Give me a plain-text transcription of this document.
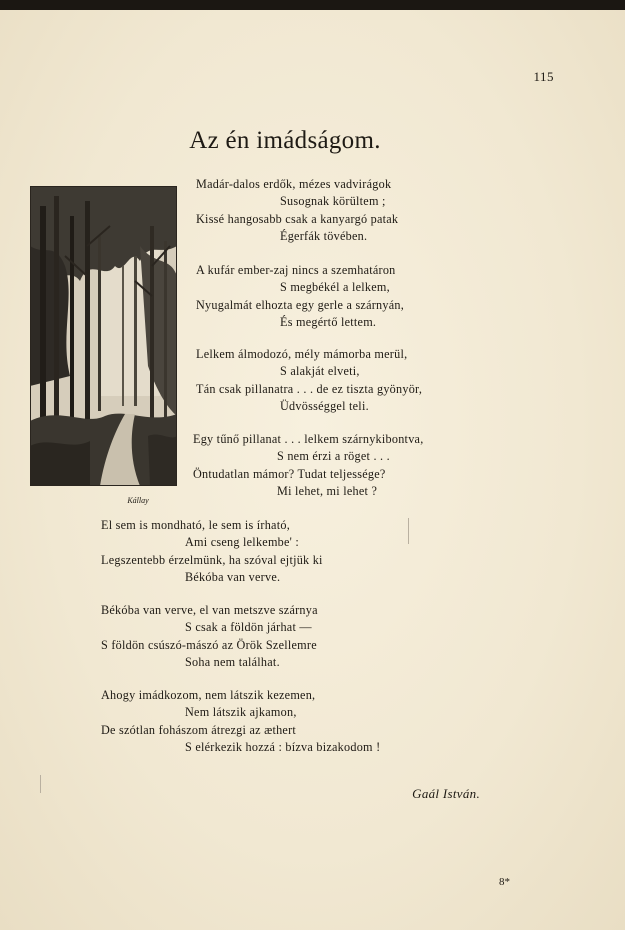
115
Az én imádságom.
Kállay
Madár-dalos erdők, mézes vadvirágok
Susognak körültem ;
Kissé hangosabb csak a kanyargó patak
Égerfák tövében.
A kufár ember-zaj nincs a szemhatáron
S megbékél a lelkem,
Nyugalmát elhozta egy gerle a szárnyán,
És megértő lettem.
Lelkem álmodozó, mély mámorba merül,
S alakját elveti,
Tán csak pillanatra . . . de ez tiszta gyönyör,
Üdvösséggel teli.
Egy tűnő pillanat . . . lelkem szárnykibontva,
S nem érzi a röget . . .
Öntudatlan mámor? Tudat teljessége?
Mi lehet, mi lehet ?
El sem is mondható, le sem is írható,
Ami cseng lelkembe' :
Legszentebb érzelmünk, ha szóval ejtjük ki
Békóba van verve.
Békóba van verve, el van metszve szárnya
S csak a földön járhat —
S földön csúszó-mászó az Örök Szellemre
Soha nem találhat.
Ahogy imádkozom, nem látszik kezemen,
Nem látszik ajkamon,
De szótlan fohászom átrezgi az æthert
S elérkezik hozzá : bízva bizakodom !
Gaál István.
8*
